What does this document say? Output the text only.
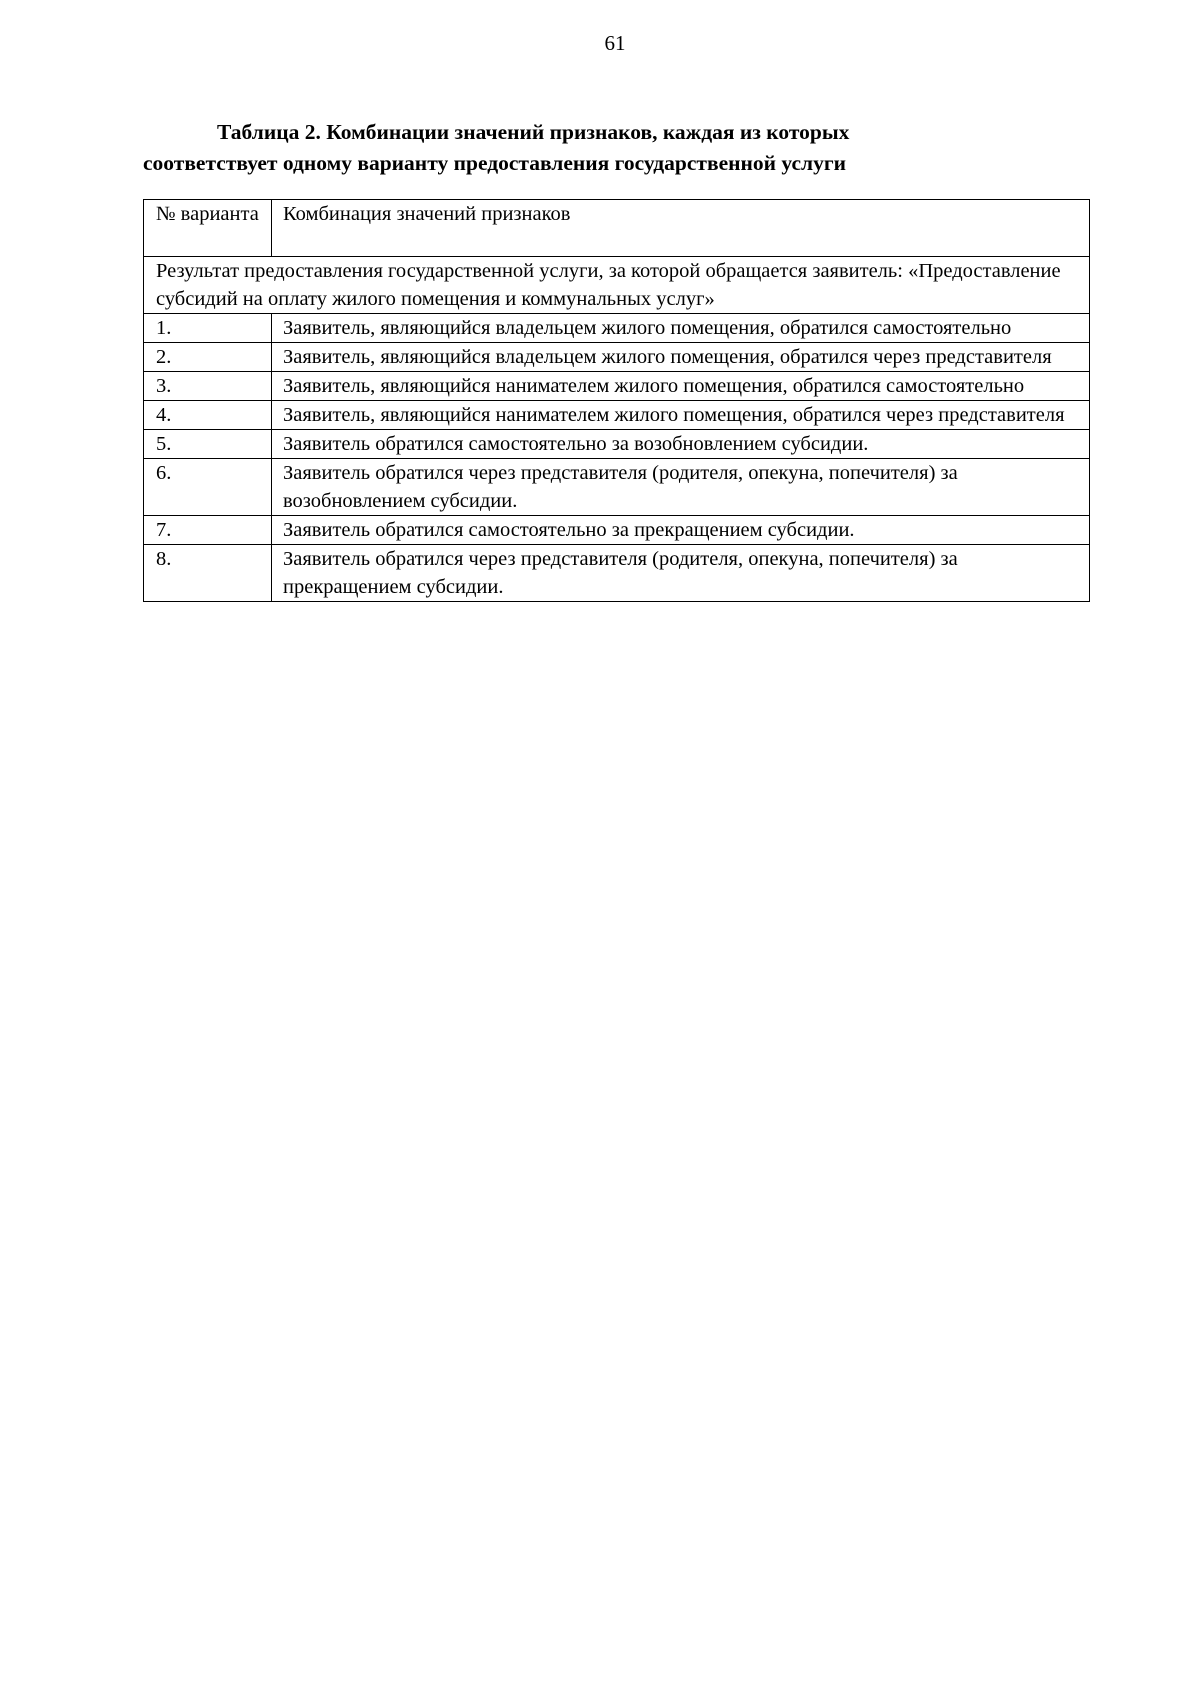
61
Таблица 2. Комбинации значений признаков, каждая из которых
соответствует одному варианту предоставления государственной услуги
№ варианта	Комбинация значений признаков
Результат предоставления государственной услуги, за которой обращается заявитель: «Предоставление субсидий на оплату жилого помещения и коммунальных услуг»	
1.	Заявитель, являющийся владельцем жилого помещения, обратился самостоятельно
2.	Заявитель, являющийся владельцем жилого помещения, обратился через представителя
3.	Заявитель, являющийся нанимателем жилого помещения, обратился самостоятельно
4.	Заявитель, являющийся нанимателем жилого помещения, обратился через представителя
5.	Заявитель обратился самостоятельно за возобновлением субсидии.
6.	Заявитель обратился через представителя (родителя, опекуна, попечителя) за возобновлением субсидии.
7.	Заявитель обратился самостоятельно за прекращением субсидии.
8.	Заявитель обратился через представителя (родителя, опекуна, попечителя) за прекращением субсидии.
